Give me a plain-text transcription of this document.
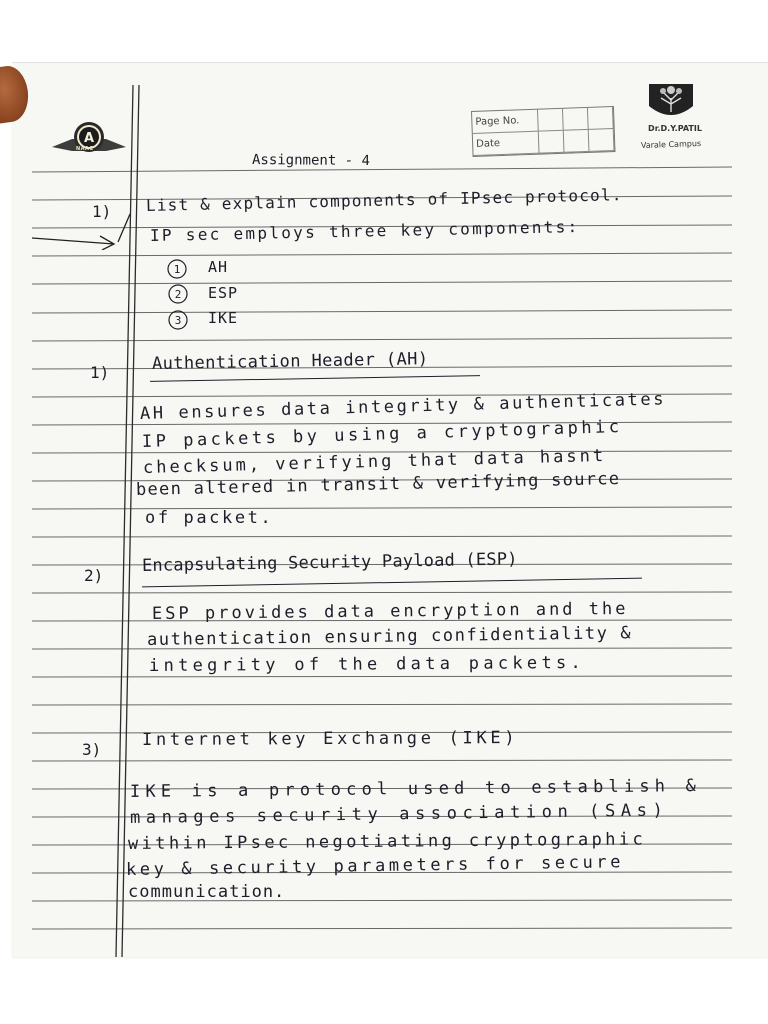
A
NAAC
Dr.D.Y.PATIL
Varale Campus
Page No.
Date
Assignment - 4
1) List & explain components of IPsec protocol.
IP sec employs three key components:
1
2
3
AH
ESP
IKE
1)	Authentication Header (AH)
AH ensures data integrity & authenticates
IP packets by using a cryptographic
checksum, verifying that data hasnt
been altered in transit & verifying source
of packet.
2) Encapsulating Security Payload (ESP)
ESP provides data encryption and the
authentication ensuring confidentiality &
integrity of the data packets.
3) Internet key Exchange (IKE)
IKE is a protocol used to establish &
manages security association (SAs)
within IPsec negotiating cryptographic
key & security parameters for secure
communication.
